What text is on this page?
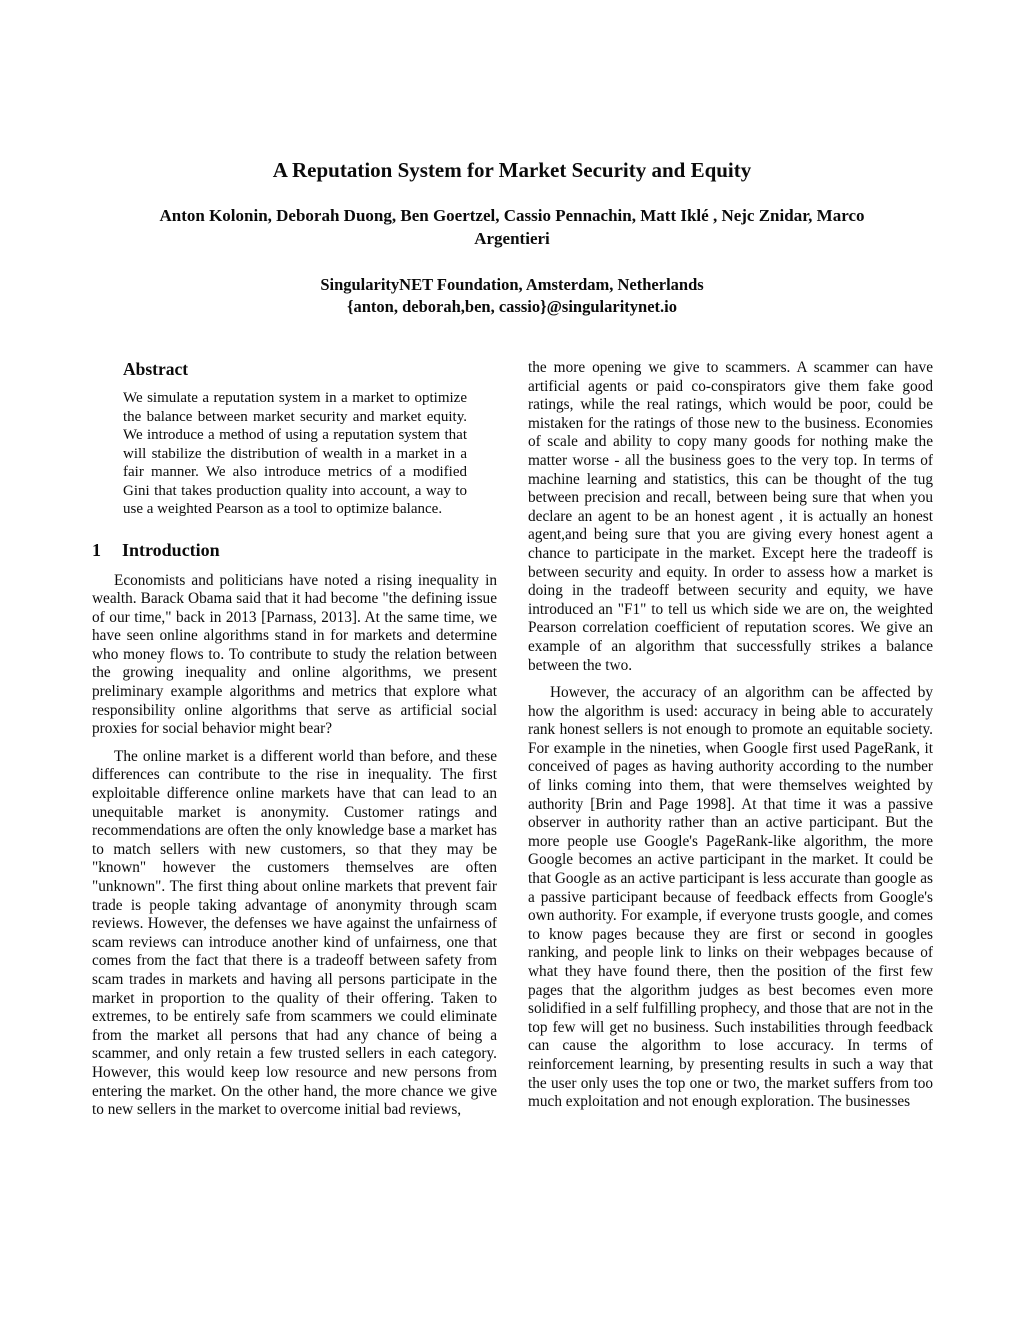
A Reputation System for Market Security and Equity
Anton Kolonin, Deborah Duong, Ben Goertzel, Cassio Pennachin, Matt Iklé , Nejc Znidar, Marco
Argentieri
SingularityNET Foundation, Amsterdam, Netherlands
{anton, deborah,ben, cassio}@singularitynet.io
Abstract
We simulate a reputation system in a market to optimize the balance between market security and market equity. We introduce a method of using a reputation system that will stabilize the distribution of wealth in a market in a fair manner. We also introduce metrics of a modified Gini that takes production quality into account, a way to use a weighted Pearson as a tool to optimize balance.
1 Introduction

Economists and politicians have noted a rising inequality in wealth. Barack Obama said that it had become "the defining issue of our time," back in 2013 [Parnass, 2013]. At the same time, we have seen online algorithms stand in for markets and determine who money flows to. To contribute to study the relation between the growing inequality and online algorithms, we present preliminary example algorithms and metrics that explore what responsibility online algorithms that serve as artificial social proxies for social behavior might bear?

The online market is a different world than before, and these differences can contribute to the rise in inequality. The first exploitable difference online markets have that can lead to an unequitable market is anonymity. Customer ratings and recommendations are often the only knowledge base a market has to match sellers with new customers, so that they may be "known" however the customers themselves are often "unknown". The first thing about online markets that prevent fair trade is people taking advantage of anonymity through scam reviews. However, the defenses we have against the unfairness of scam reviews can introduce another kind of unfairness, one that comes from the fact that there is a tradeoff between safety from scam trades in markets and having all persons participate in the market in proportion to the quality of their offering. Taken to extremes, to be entirely safe from scammers we could eliminate from the market all persons that had any chance of being a scammer, and only retain a few trusted sellers in each category. However, this would keep low resource and new persons from entering the market. On the other hand, the more chance we give to new sellers in the market to overcome initial bad reviews,

the more opening we give to scammers. A scammer can have artificial agents or paid co-conspirators give them fake good ratings, while the real ratings, which would be poor, could be mistaken for the ratings of those new to the business. Economies of scale and ability to copy many goods for nothing make the matter worse - all the business goes to the very top. In terms of machine learning and statistics, this can be thought of the tug between precision and recall, between being sure that when you declare an agent to be an honest agent , it is actually an honest agent,and being sure that you are giving every honest agent a chance to participate in the market. Except here the tradeoff is between security and equity. In order to assess how a market is doing in the tradeoff between security and equity, we have introduced an "F1" to tell us which side we are on, the weighted Pearson correlation coefficient of reputation scores. We give an example of an algorithm that successfully strikes a balance between the two.

However, the accuracy of an algorithm can be affected by how the algorithm is used: accuracy in being able to accurately rank honest sellers is not enough to promote an equitable society. For example in the nineties, when Google first used PageRank, it conceived of pages as having authority according to the number of links coming into them, that were themselves weighted by authority [Brin and Page 1998]. At that time it was a passive observer in authority rather than an active participant. But the more people use Google's PageRank-like algorithm, the more Google becomes an active participant in the market. It could be that Google as an active participant is less accurate than google as a passive participant because of feedback effects from Google's own authority. For example, if everyone trusts google, and comes to know pages because they are first or second in googles ranking, and people link to links on their webpages because of what they have found there, then the position of the first few pages that the algorithm judges as best becomes even more solidified in a self fulfilling prophecy, and those that are not in the top few will get no business. Such instabilities through feedback can cause the algorithm to lose accuracy. In terms of reinforcement learning, by presenting results in such a way that the user only uses the top one or two, the market suffers from too much exploitation and not enough exploration. The businesses
